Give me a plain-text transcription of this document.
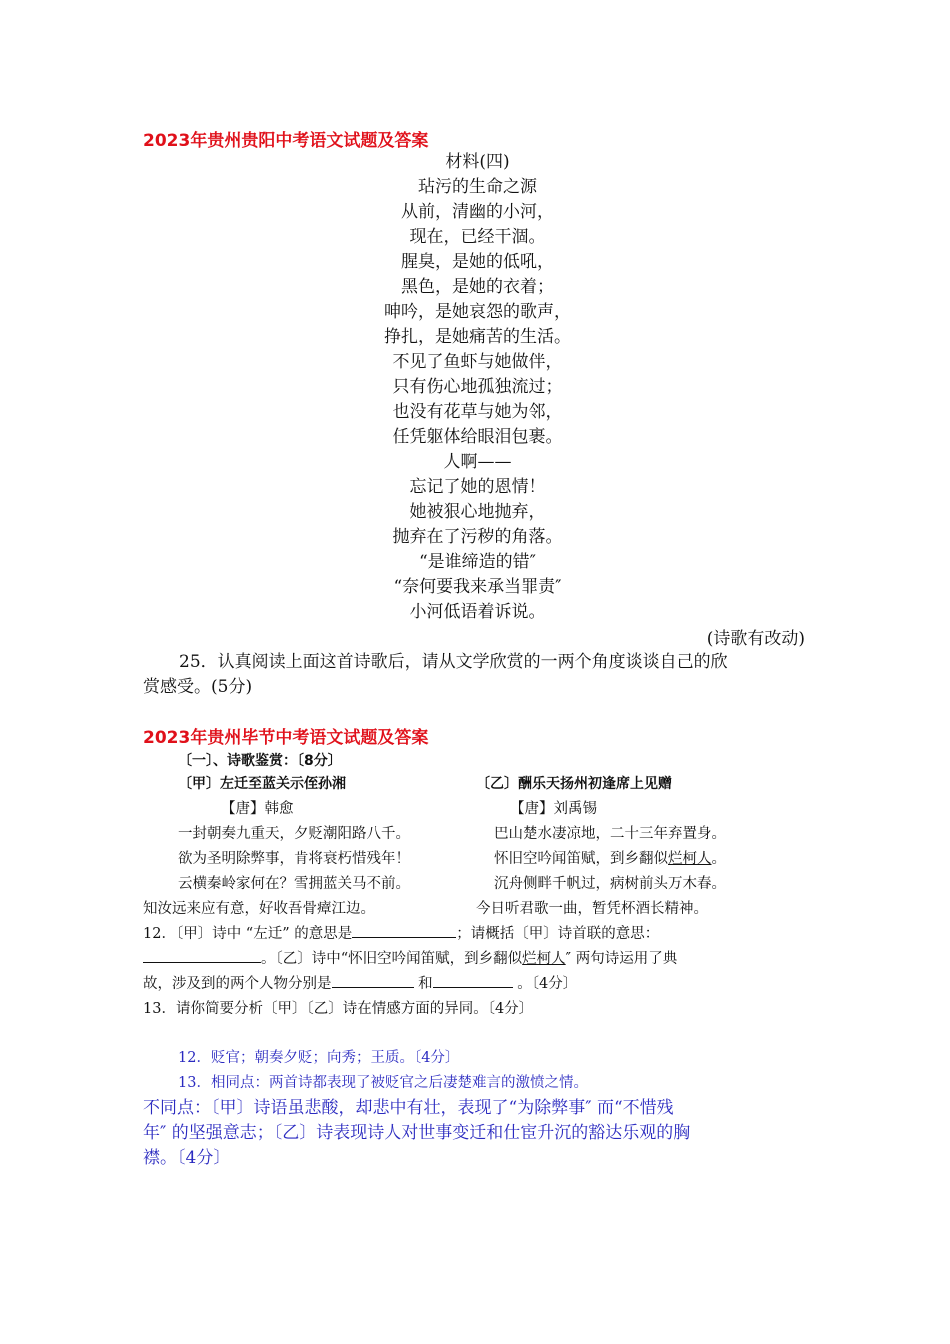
2023年贵州贵阳中考语文试题及答案
材料(四)
玷污的生命之源
从前，清幽的小河，
现在，已经干涸。
腥臭，是她的低吼，
黑色，是她的衣着；
呻吟，是她哀怨的歌声，
挣扎，是她痛苦的生活。
不见了鱼虾与她做伴，
只有伤心地孤独流过；
也没有花草与她为邻，
任凭躯体给眼泪包裹。
人啊——
忘记了她的恩情！
她被狠心地抛弃，
抛弃在了污秽的角落。
“是谁缔造的错″
“奈何要我来承当罪责″
小河低语着诉说。
(诗歌有改动)
25．认真阅读上面这首诗歌后，请从文学欣赏的一两个角度谈谈自己的欣
赏感受。(5分)
2023年贵州毕节中考语文试题及答案
〔一〕、诗歌鉴赏：〔8分〕
〔甲〕左迁至蓝关示侄孙湘
【唐】韩愈
〔乙〕酬乐天扬州初逢席上见赠
【唐】刘禹锡
一封朝奏九重天，夕贬潮阳路八千。
欲为圣明除弊事，肯将衰朽惜残年！
云横秦岭家何在？雪拥蓝关马不前。
知汝远来应有意，好收吾骨瘴江边。
巴山楚水凄凉地，二十三年弃置身。
怀旧空吟闻笛赋，到乡翻似烂柯人。
沉舟侧畔千帆过，病树前头万木春。
今日听君歌一曲，暂凭杯酒长精神。
12．〔甲〕诗中 “左迁” 的意思是	；请概括〔甲〕诗首联的意思：
。〔乙〕诗中“怀旧空吟闻笛赋，到乡翻似烂柯人″ 两句诗运用了典
故，涉及到的两个人物分别是	和	。〔4分〕
13．请你简要分析〔甲〕〔乙〕诗在情感方面的异同。〔4分〕
12．贬官；朝奏夕贬；向秀；王质。〔4分〕
13．相同点：两首诗都表现了被贬官之后凄楚难言的激愤之情。
不同点：〔甲〕诗语虽悲酸，却悲中有壮，表现了“为除弊事″ 而“不惜残
年″ 的坚强意志；〔乙〕诗表现诗人对世事变迁和仕宦升沉的豁达乐观的胸
襟。〔4分〕
